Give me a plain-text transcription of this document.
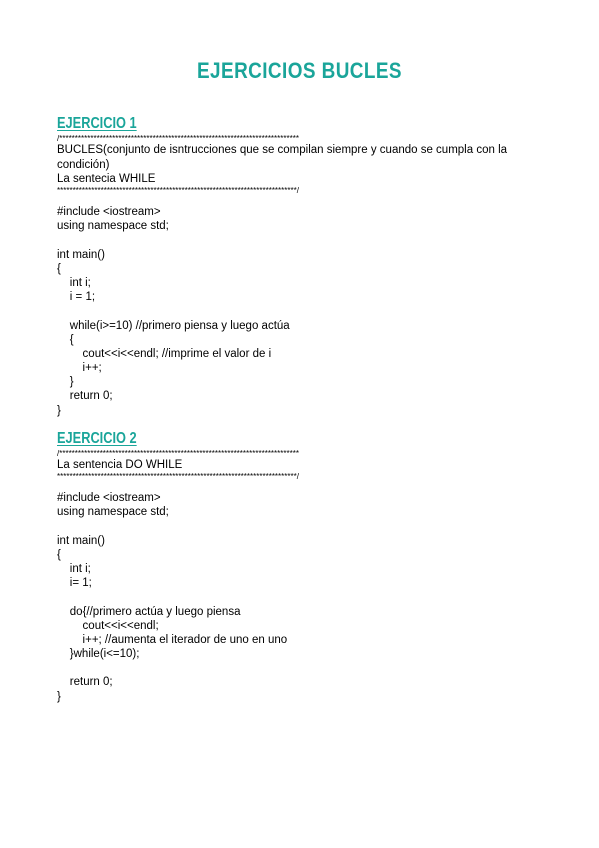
EJERCICIOS BUCLES
EJERCICIO 1
/*****************************************************************************
BUCLES(conjunto de isntrucciones que se compilan siempre y cuando se cumpla con la condición)
La sentecia WHILE
*****************************************************************************/
#include <iostream>
using namespace std;
int main()
{
int i;
i = 1;
while(i>=10) //primero piensa y luego actúa
{
cout<<i<<endl; //imprime el valor de i
i++;
}
return 0;
}
EJERCICIO 2
/*****************************************************************************
La sentencia DO WHILE
*****************************************************************************/
#include <iostream>
using namespace std;
int main()
{
int i;
i= 1;
do{//primero actúa y luego piensa
cout<<i<<endl;
i++; //aumenta el iterador de uno en uno
}while(i<=10);
return 0;
}
